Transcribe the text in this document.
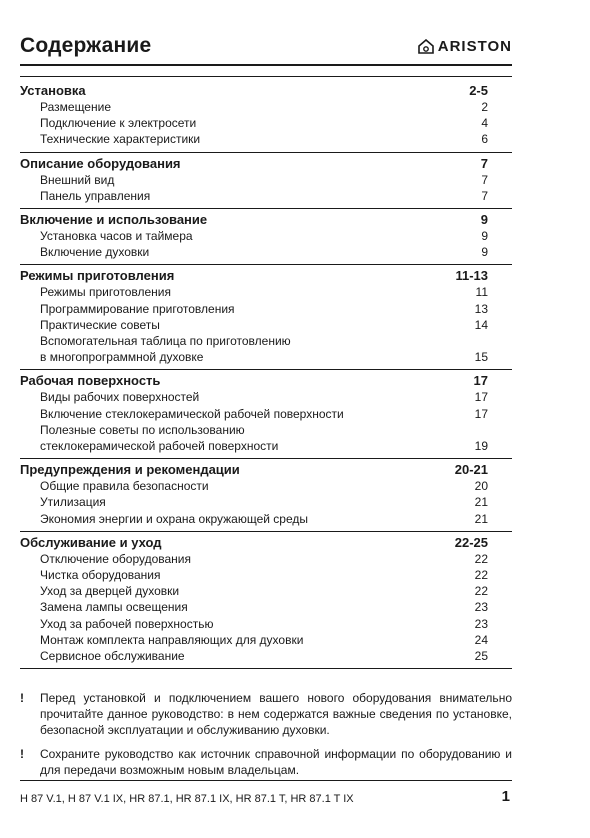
Содержание	ARISTON
Установка	2-5
Размещение	2
Подключение к электросети	4
Технические характеристики	6
Описание оборудования	7
Внешний вид	7
Панель управления	7
Включение и использование	9
Установка часов и таймера	9
Включение духовки	9
Режимы приготовления	11-13
Режимы приготовления	11
Программирование приготовления	13
Практические советы	14
Вспомогательная таблица по приготовлению
в многопрограммной духовке	15
Рабочая поверхность	17
Виды рабочих поверхностей	17
Включение стеклокерамической рабочей поверхности	17
Полезные советы по использованию
стеклокерамической рабочей поверхности	19
Предупреждения и рекомендации	20-21
Общие правила безопасности	20
Утилизация	21
Экономия энергии и охрана окружающей среды	21
Обслуживание и уход	22-25
Отключение оборудования	22
Чистка оборудования	22
Уход за дверцей духовки	22
Замена лампы освещения	23
Уход за рабочей поверхностью	23
Монтаж комплекта направляющих для духовки	24
Сервисное обслуживание	25
!	Перед установкой и подключением вашего нового оборудования внимательно прочитайте данное руководство: в нем содержатся важные сведения по установке, безопасной эксплуатации и обслуживанию духовки.
!	Сохраните руководство как источник справочной информации по оборудованию и для передачи возможным новым владельцам.
H 87 V.1, H 87 V.1 IX, HR 87.1, HR 87.1 IX, HR 87.1 T, HR 87.1 T IX	1
